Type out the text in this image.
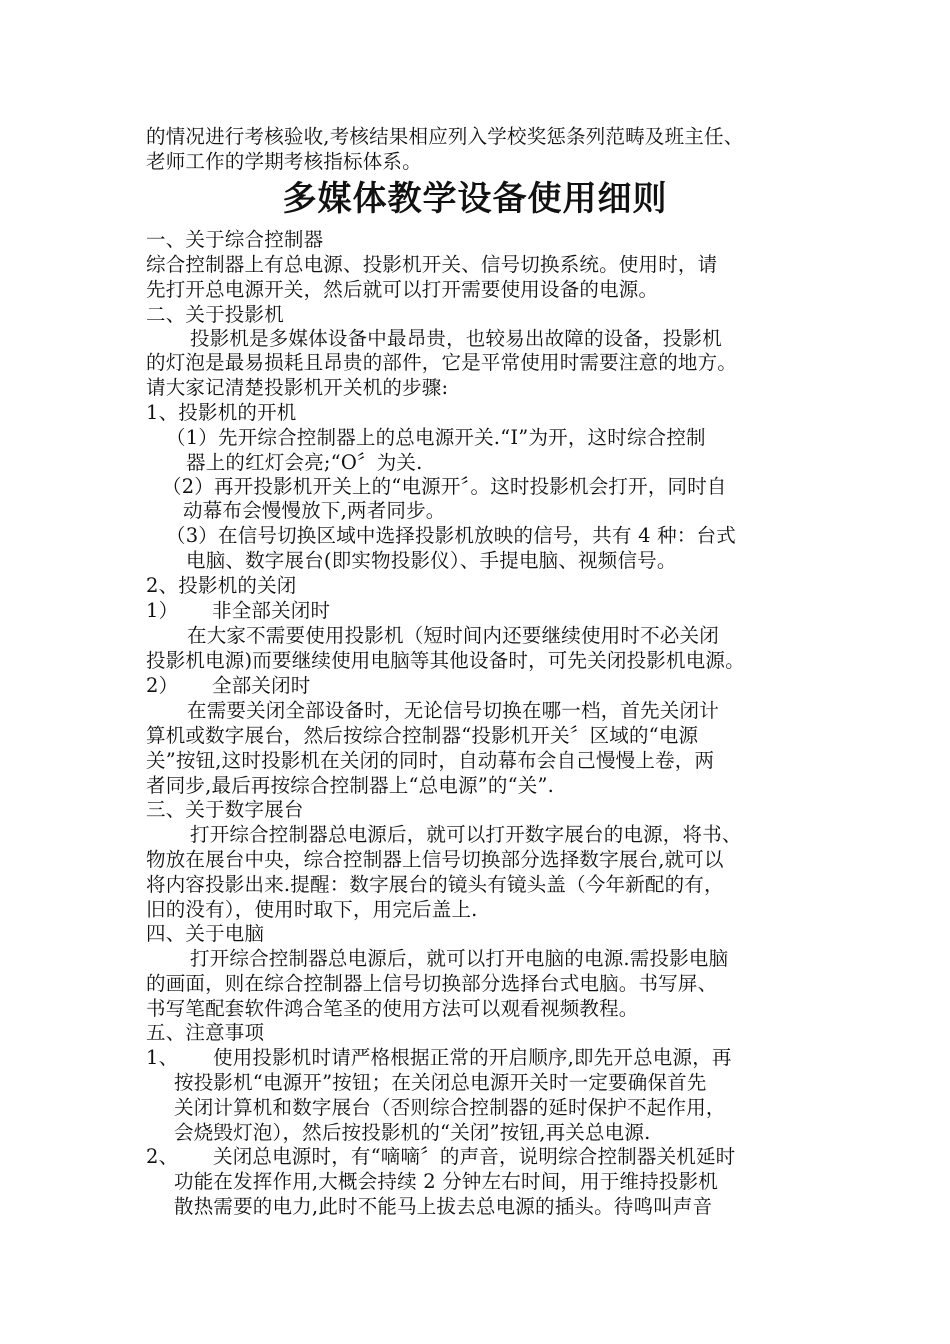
的情况进行考核验收,考核结果相应列入学校奖惩条列范畴及班主任、
老师工作的学期考核指标体系。
多媒体教学设备使用细则
一、关于综合控制器
综合控制器上有总电源、投影机开关、信号切换系统。使用时，请
先打开总电源开关，然后就可以打开需要使用设备的电源。
二、关于投影机
投影机是多媒体设备中最昂贵，也较易出故障的设备，投影机
的灯泡是最易损耗且昂贵的部件，它是平常使用时需要注意的地方。
请大家记清楚投影机开关机的步骤:
1、投影机的开机
（1）先开综合控制器上的总电源开关.“I”为开，这时综合控制
器上的红灯会亮;“O〞为关.
（2）再开投影机开关上的“电源开〞。这时投影机会打开，同时自
动幕布会慢慢放下,两者同步。
（3）在信号切换区域中选择投影机放映的信号，共有 4 种：台式
电脑、数字展台(即实物投影仪）、手提电脑、视频信号。
2、投影机的关闭
1） 非全部关闭时
在大家不需要使用投影机（短时间内还要继续使用时不必关闭
投影机电源)而要继续使用电脑等其他设备时，可先关闭投影机电源。
2） 全部关闭时
在需要关闭全部设备时，无论信号切换在哪一档，首先关闭计
算机或数字展台，然后按综合控制器“投影机开关〞区域的“电源
关”按钮,这时投影机在关闭的同时，自动幕布会自己慢慢上卷，两
者同步,最后再按综合控制器上“总电源”的“关”.
三、关于数字展台
打开综合控制器总电源后，就可以打开数字展台的电源，将书、
物放在展台中央，综合控制器上信号切换部分选择数字展台,就可以
将内容投影出来.提醒：数字展台的镜头有镜头盖（今年新配的有，
旧的没有），使用时取下，用完后盖上.
四、关于电脑
打开综合控制器总电源后，就可以打开电脑的电源.需投影电脑
的画面，则在综合控制器上信号切换部分选择台式电脑。书写屏、
书写笔配套软件鸿合笔圣的使用方法可以观看视频教程。
五、注意事项
1、 使用投影机时请严格根据正常的开启顺序,即先开总电源，再
按投影机“电源开”按钮；在关闭总电源开关时一定要确保首先
关闭计算机和数字展台（否则综合控制器的延时保护不起作用，
会烧毁灯泡），然后按投影机的“关闭”按钮,再关总电源.
2、 关闭总电源时，有“嘀嘀〞的声音，说明综合控制器关机延时
功能在发挥作用,大概会持续 2 分钟左右时间，用于维持投影机
散热需要的电力,此时不能马上拔去总电源的插头。待鸣叫声音
